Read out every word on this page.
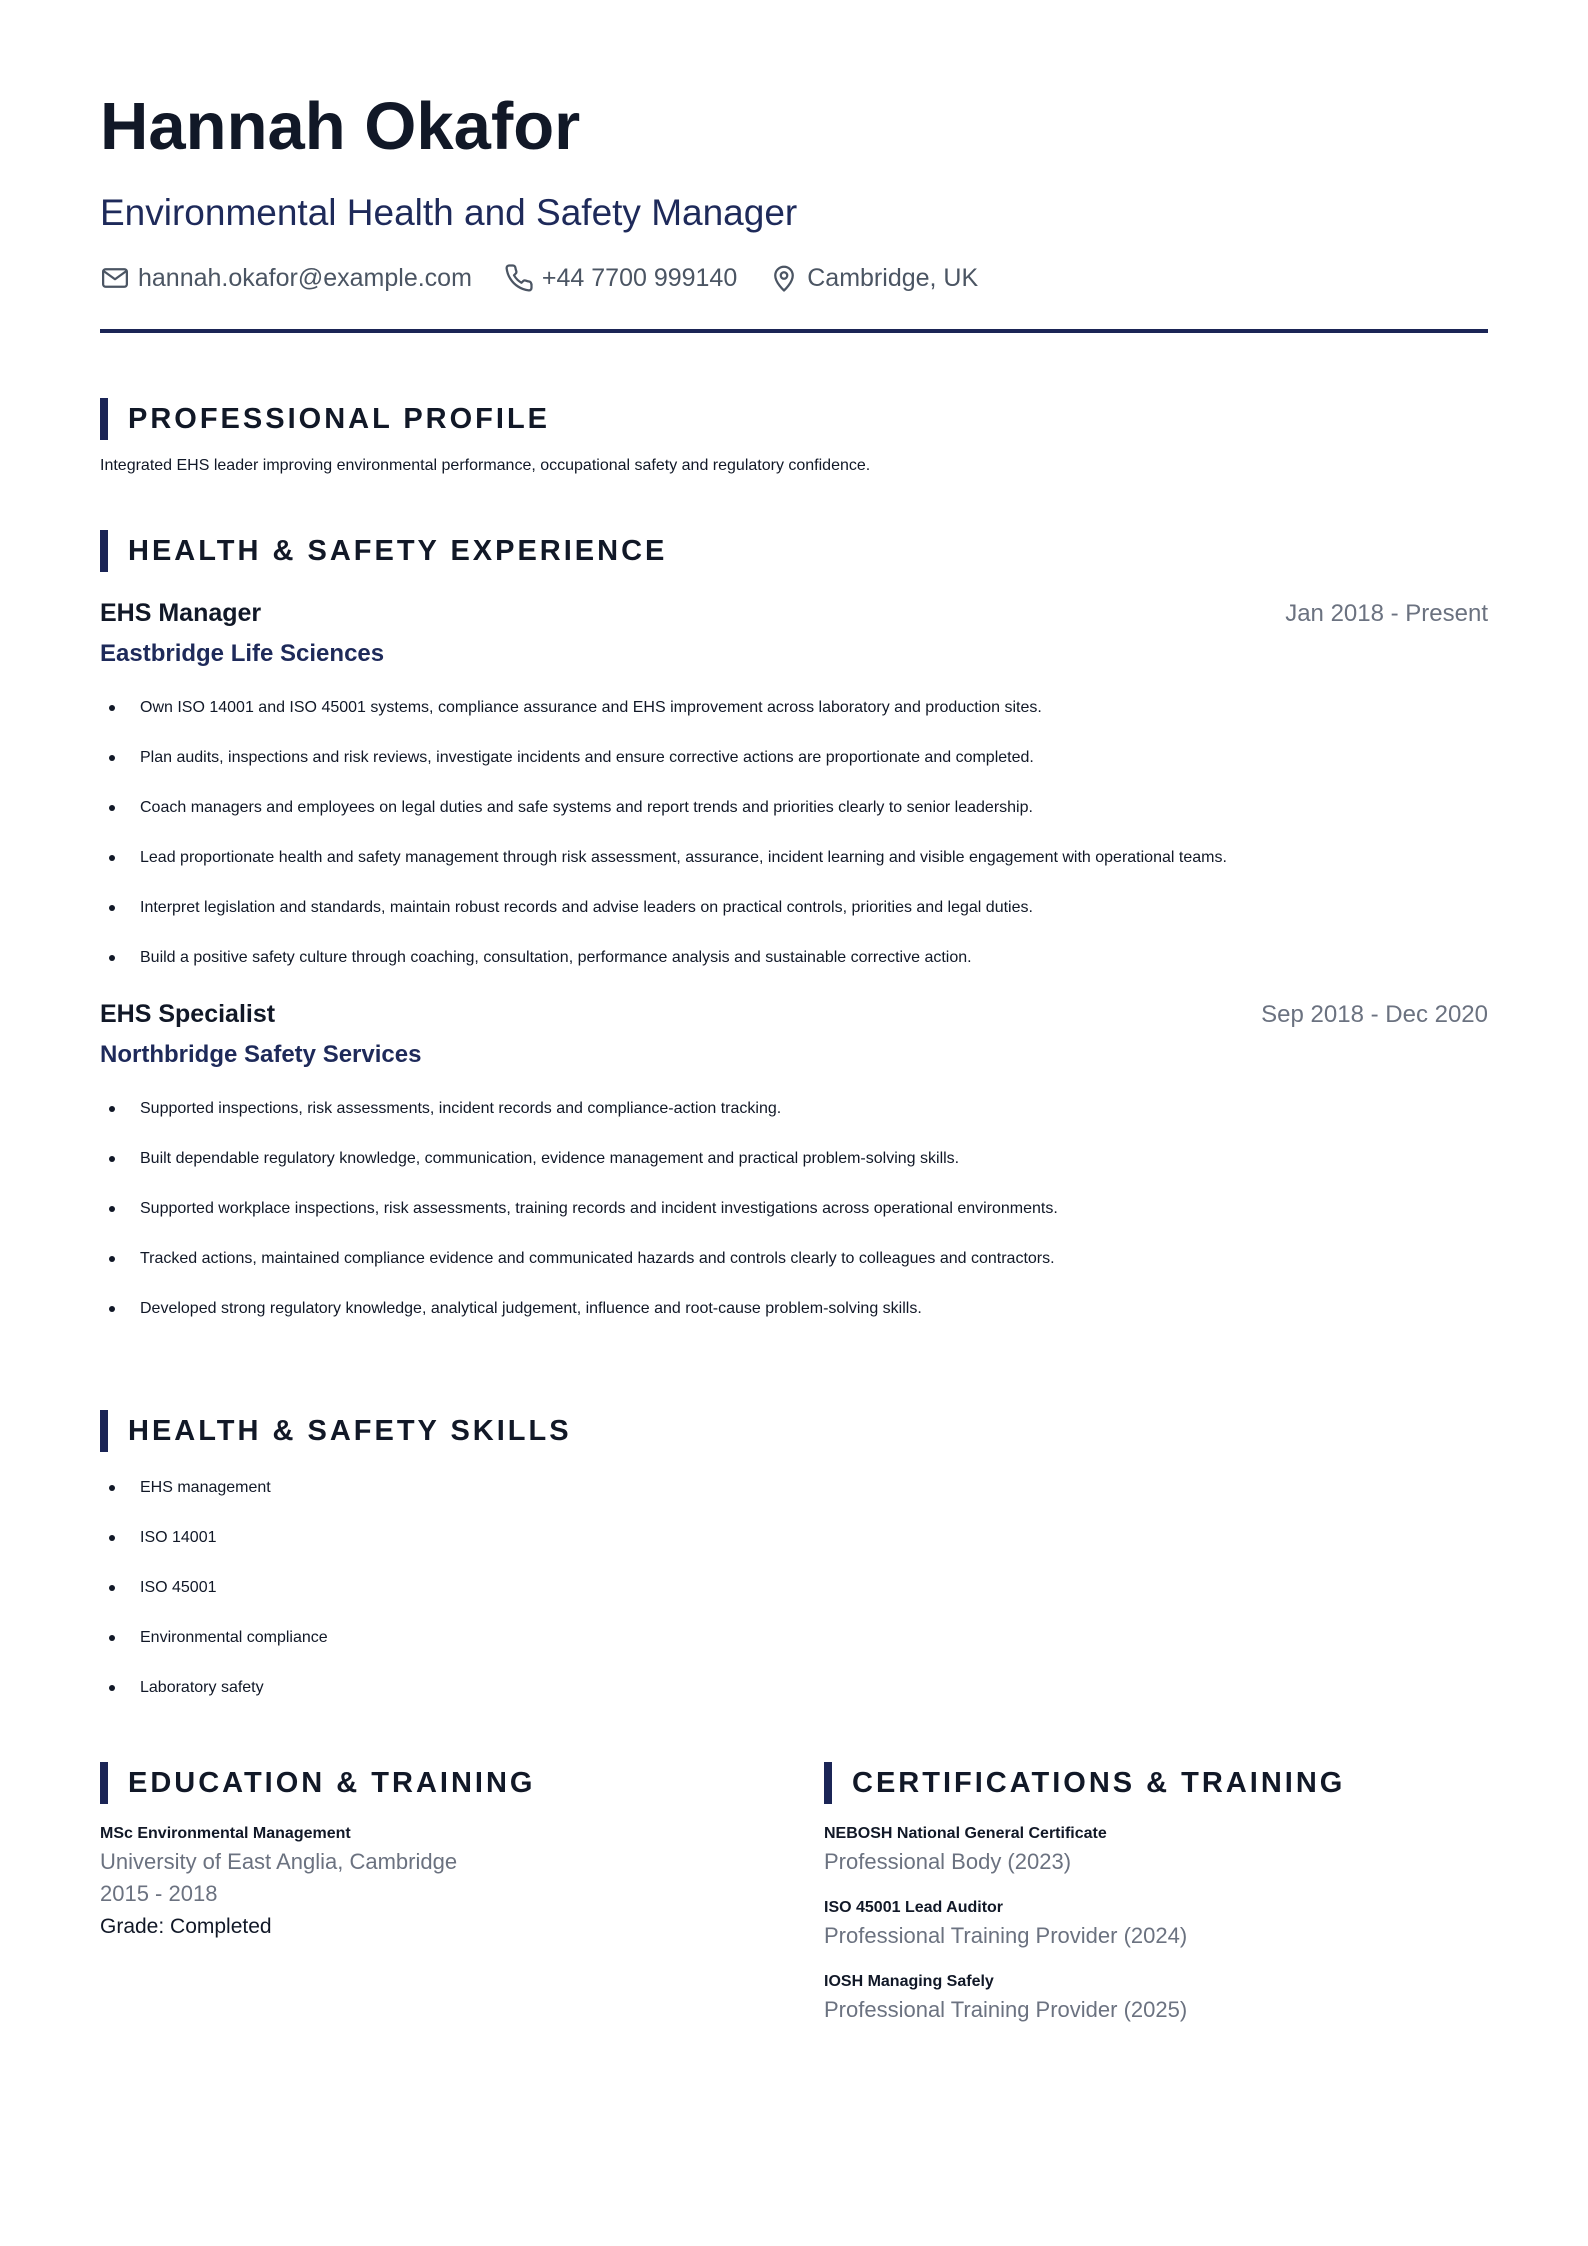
Hannah Okafor
Environmental Health and Safety Manager
hannah.okafor@example.com	+44 7700 999140	Cambridge, UK
PROFESSIONAL PROFILE
Integrated EHS leader improving environmental performance, occupational safety and regulatory confidence.
HEALTH & SAFETY EXPERIENCE
EHS Manager	Jan 2018 - Present
Eastbridge Life Sciences
Own ISO 14001 and ISO 45001 systems, compliance assurance and EHS improvement across laboratory and production sites.
Plan audits, inspections and risk reviews, investigate incidents and ensure corrective actions are proportionate and completed.
Coach managers and employees on legal duties and safe systems and report trends and priorities clearly to senior leadership.
Lead proportionate health and safety management through risk assessment, assurance, incident learning and visible engagement with operational teams.
Interpret legislation and standards, maintain robust records and advise leaders on practical controls, priorities and legal duties.
Build a positive safety culture through coaching, consultation, performance analysis and sustainable corrective action.
EHS Specialist	Sep 2018 - Dec 2020
Northbridge Safety Services
Supported inspections, risk assessments, incident records and compliance-action tracking.
Built dependable regulatory knowledge, communication, evidence management and practical problem-solving skills.
Supported workplace inspections, risk assessments, training records and incident investigations across operational environments.
Tracked actions, maintained compliance evidence and communicated hazards and controls clearly to colleagues and contractors.
Developed strong regulatory knowledge, analytical judgement, influence and root-cause problem-solving skills.
HEALTH & SAFETY SKILLS
EHS management
ISO 14001
ISO 45001
Environmental compliance
Laboratory safety
EDUCATION & TRAINING
MSc Environmental Management
University of East Anglia, Cambridge
2015 - 2018
Grade: Completed
CERTIFICATIONS & TRAINING
NEBOSH National General Certificate
Professional Body (2023)
ISO 45001 Lead Auditor
Professional Training Provider (2024)
IOSH Managing Safely
Professional Training Provider (2025)
